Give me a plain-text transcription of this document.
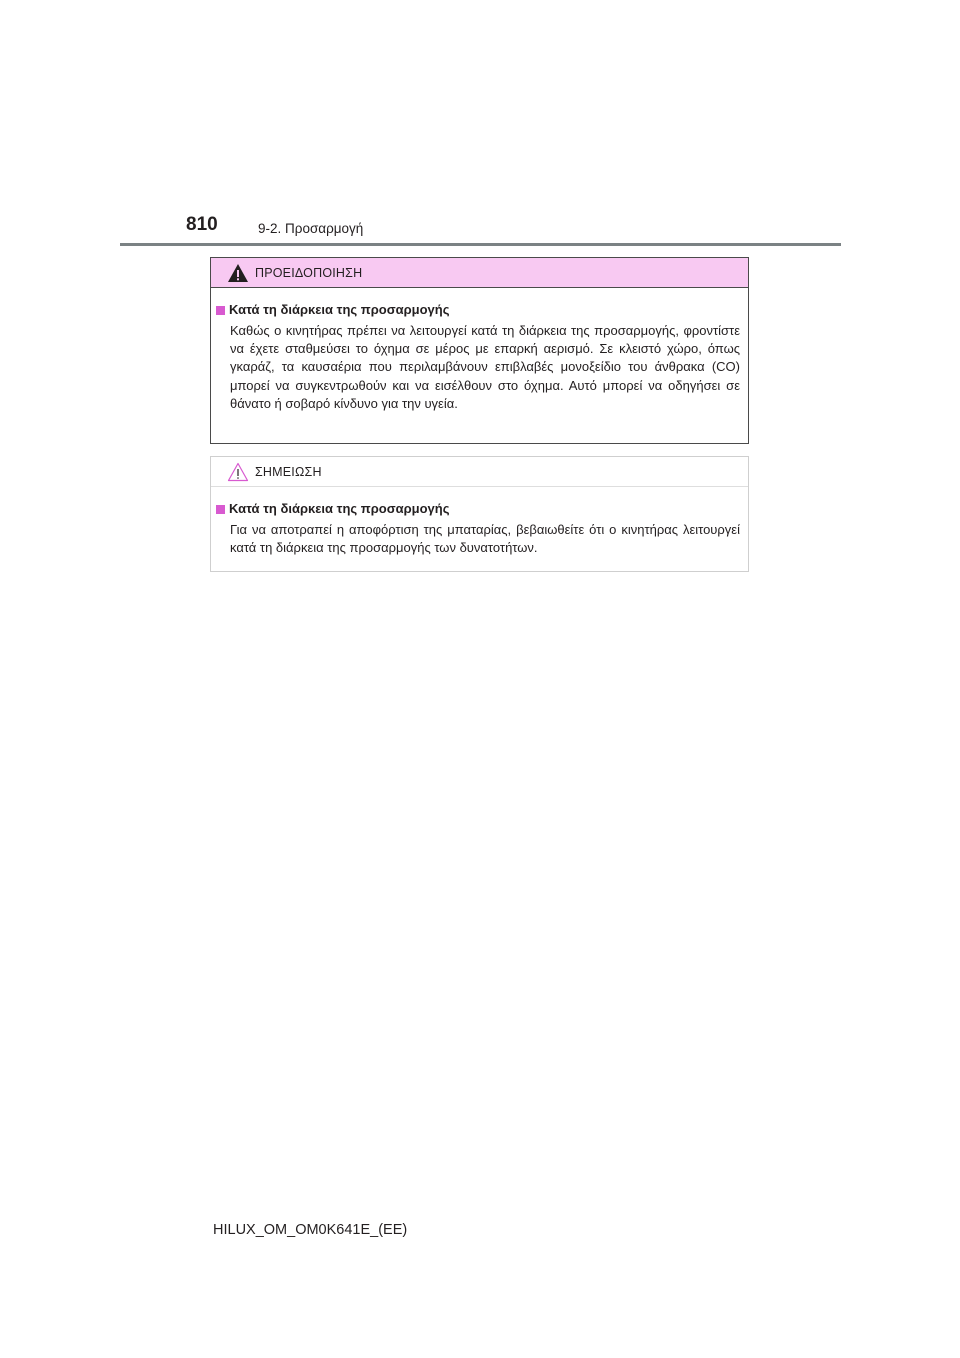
810	9-2. Προσαρμογή
ΠΡΟΕΙΔΟΠΟΙΗΣΗ
Κατά τη διάρκεια της προσαρμογής

Καθώς ο κινητήρας πρέπει να λειτουργεί κατά τη διάρκεια της προσαρμογής, φροντίστε να έχετε σταθμεύσει το όχημα σε μέρος με επαρκή αερισμό. Σε κλειστό χώρο, όπως γκαράζ, τα καυσαέρια που περιλαμβάνουν επιβλαβές μονοξείδιο του άνθρακα (CO) μπορεί να συγκεντρωθούν και να εισέλθουν στο όχημα. Αυτό μπορεί να οδηγήσει σε θάνατο ή σοβαρό κίνδυνο για την υγεία.

ΣΗΜΕΙΩΣΗ
Κατά τη διάρκεια της προσαρμογής

Για να αποτραπεί η αποφόρτιση της μπαταρίας, βεβαιωθείτε ότι ο κινητήρας λειτουργεί κατά τη διάρκεια της προσαρμογής των δυνατοτήτων.

HILUX_OM_OM0K641E_(EE)
